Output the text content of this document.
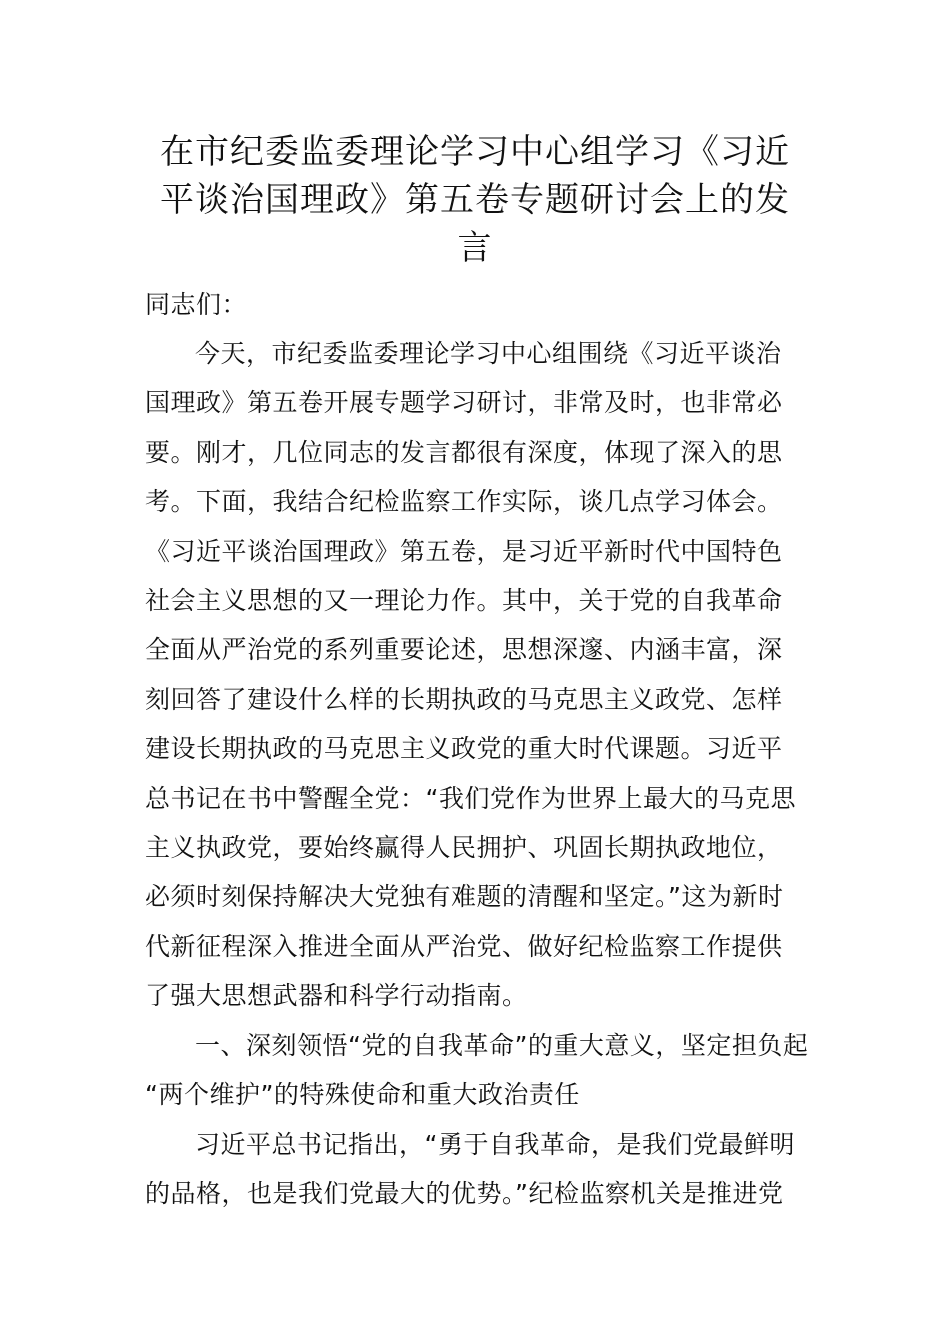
在市纪委监委理论学习中心组学习《习近
平谈治国理政》第五卷专题研讨会上的发
言

同志们：

今天，市纪委监委理论学习中心组围绕《习近平谈治
国理政》第五卷开展专题学习研讨，非常及时，也非常必
要。刚才，几位同志的发言都很有深度，体现了深入的思
考。下面，我结合纪检监察工作实际，谈几点学习体会。
《习近平谈治国理政》第五卷，是习近平新时代中国特色
社会主义思想的又一理论力作。其中，关于党的自我革命
全面从严治党的系列重要论述，思想深邃、内涵丰富，深
刻回答了建设什么样的长期执政的马克思主义政党、怎样
建设长期执政的马克思主义政党的重大时代课题。习近平
总书记在书中警醒全党：“我们党作为世界上最大的马克思
主义执政党，要始终赢得人民拥护、巩固长期执政地位，
必须时刻保持解决大党独有难题的清醒和坚定。”这为新时
代新征程深入推进全面从严治党、做好纪检监察工作提供
了强大思想武器和科学行动指南。
一、深刻领悟“党的自我革命”的重大意义，坚定担负起
“两个维护”的特殊使命和重大政治责任
习近平总书记指出，“勇于自我革命，是我们党最鲜明
的品格，也是我们党最大的优势。”纪检监察机关是推进党
